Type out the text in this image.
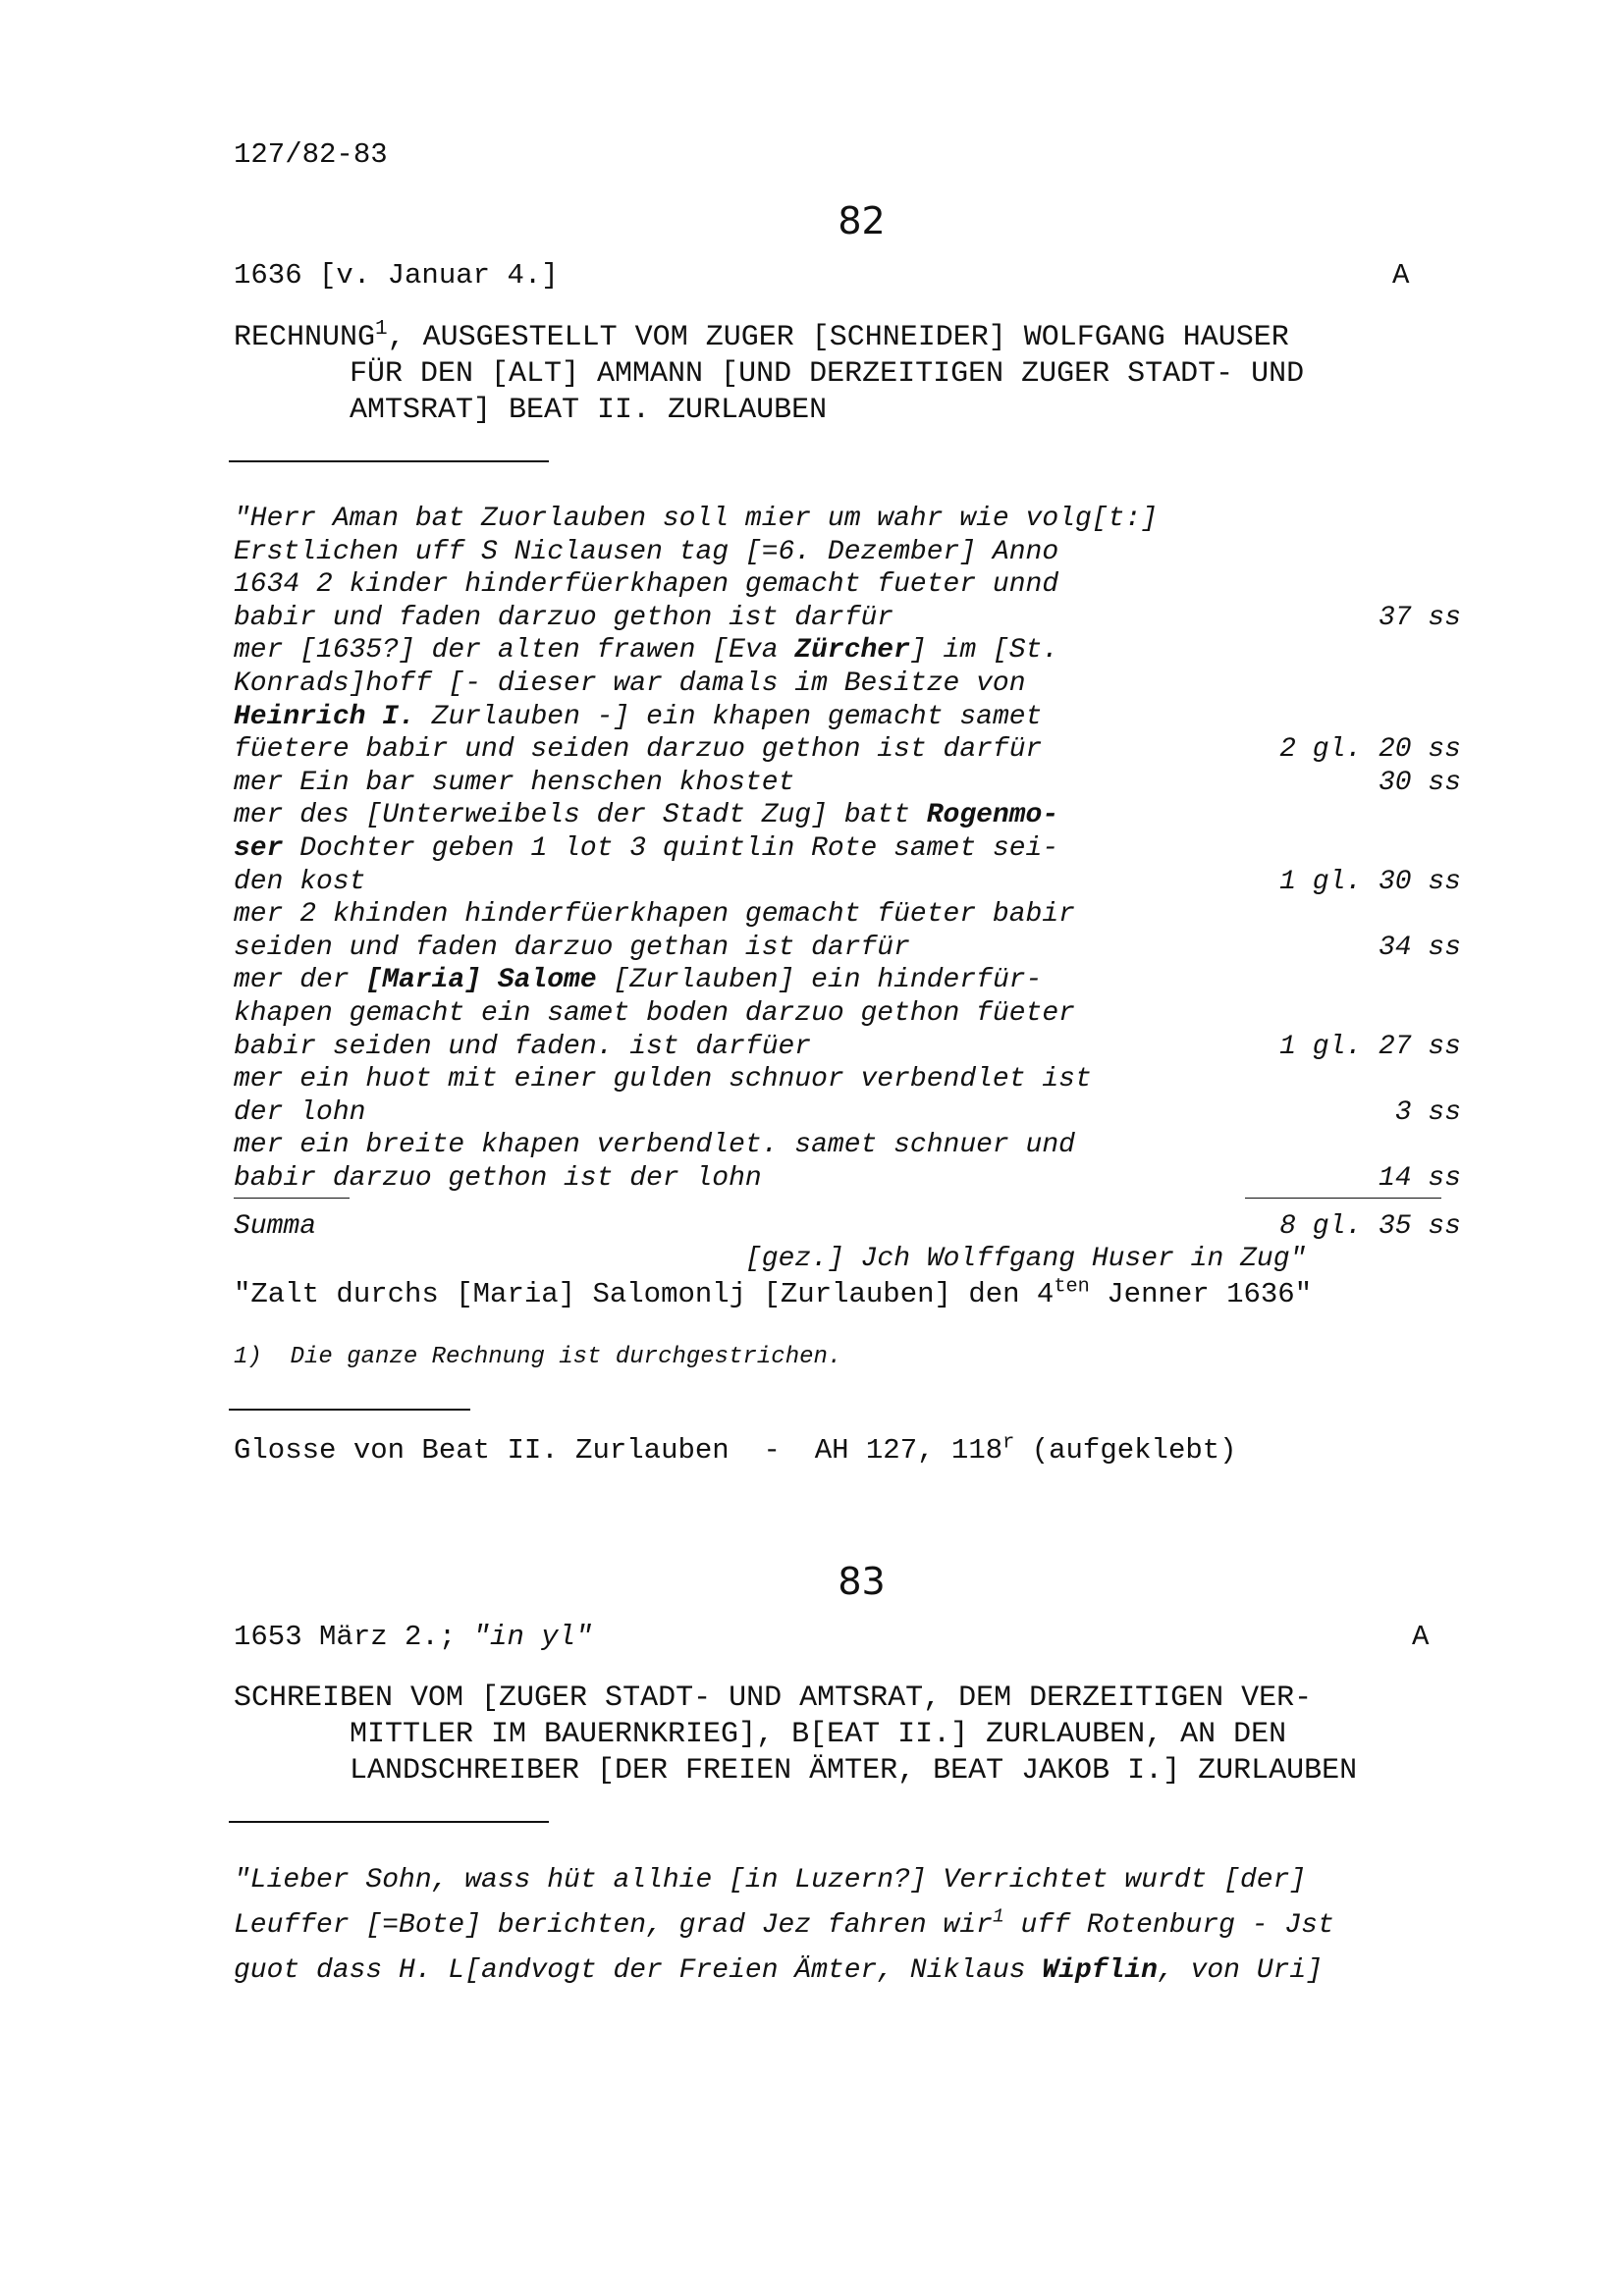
127/82-83
82
1636 [v. Januar 4.]	A
RECHNUNG$^1$, AUSGESTELLT VOM ZUGER [SCHNEIDER] WOLFGANG HAUSER
FÜR DEN [ALT] AMMANN [UND DERZEITIGEN ZUGER STADT- UND
AMTSRAT] BEAT II. ZURLAUBEN
"Herr Aman bat Zuorlauben soll mier um wahr wie volg[t:]
Erstlichen uff S Niclausen tag [=6. Dezember] Anno
1634 2 kinder hinderfüerkhapen gemacht fueter unnd
babir und faden darzuo gethon ist darfür	37 ss
mer [1635?] der alten frawen [Eva Zürcher] im [St.
Konrads]hoff [- dieser war damals im Besitze von
Heinrich I. Zurlauben -] ein khapen gemacht samet
füetere babir und seiden darzuo gethon ist darfür	2 gl. 20 ss
mer Ein bar sumer henschen khostet	30 ss
mer des [Unterweibels der Stadt Zug] batt Rogenmo-
ser Dochter geben 1 lot 3 quintlin Rote samet sei-
den kost	1 gl. 30 ss
mer 2 khinden hinderfüerkhapen gemacht füeter babir
seiden und faden darzuo gethan ist darfür	34 ss
mer der [Maria] Salome [Zurlauben] ein hinderfür-
khapen gemacht ein samet boden darzuo gethon füeter
babir seiden und faden. ist darfüer	1 gl. 27 ss
mer ein huot mit einer gulden schnuor verbendlet ist
der lohn	3 ss
mer ein breite khapen verbendlet. samet schnuer und
babir darzuo gethon ist der lohn	14 ss
Summa	8 gl. 35 ss
[gez.] Jch Wolffgang Huser in Zug"
"Zalt durchs [Maria] Salomonlj [Zurlauben] den $4^{ten}$ Jenner 1636"
1)  Die ganze Rechnung ist durchgestrichen.
Glosse von Beat II. Zurlauben  -  AH 127, 118$^r$ (aufgeklebt)
83
1653 März 2.; "in yl"	A
SCHREIBEN VOM [ZUGER STADT- UND AMTSRAT, DEM DERZEITIGEN VER-
MITTLER IM BAUERNKRIEG], B[EAT II.] ZURLAUBEN, AN DEN
LANDSCHREIBER [DER FREIEN ÄMTER, BEAT JAKOB I.] ZURLAUBEN
"Lieber Sohn, wass hüt allhie [in Luzern?] Verrichtet wurdt [der]
Leuffer [=Bote] berichten, grad Jez fahren wir$^1$ uff Rotenburg - Jst
guot dass H. L[andvogt der Freien Ämter, Niklaus Wipflin, von Uri]
